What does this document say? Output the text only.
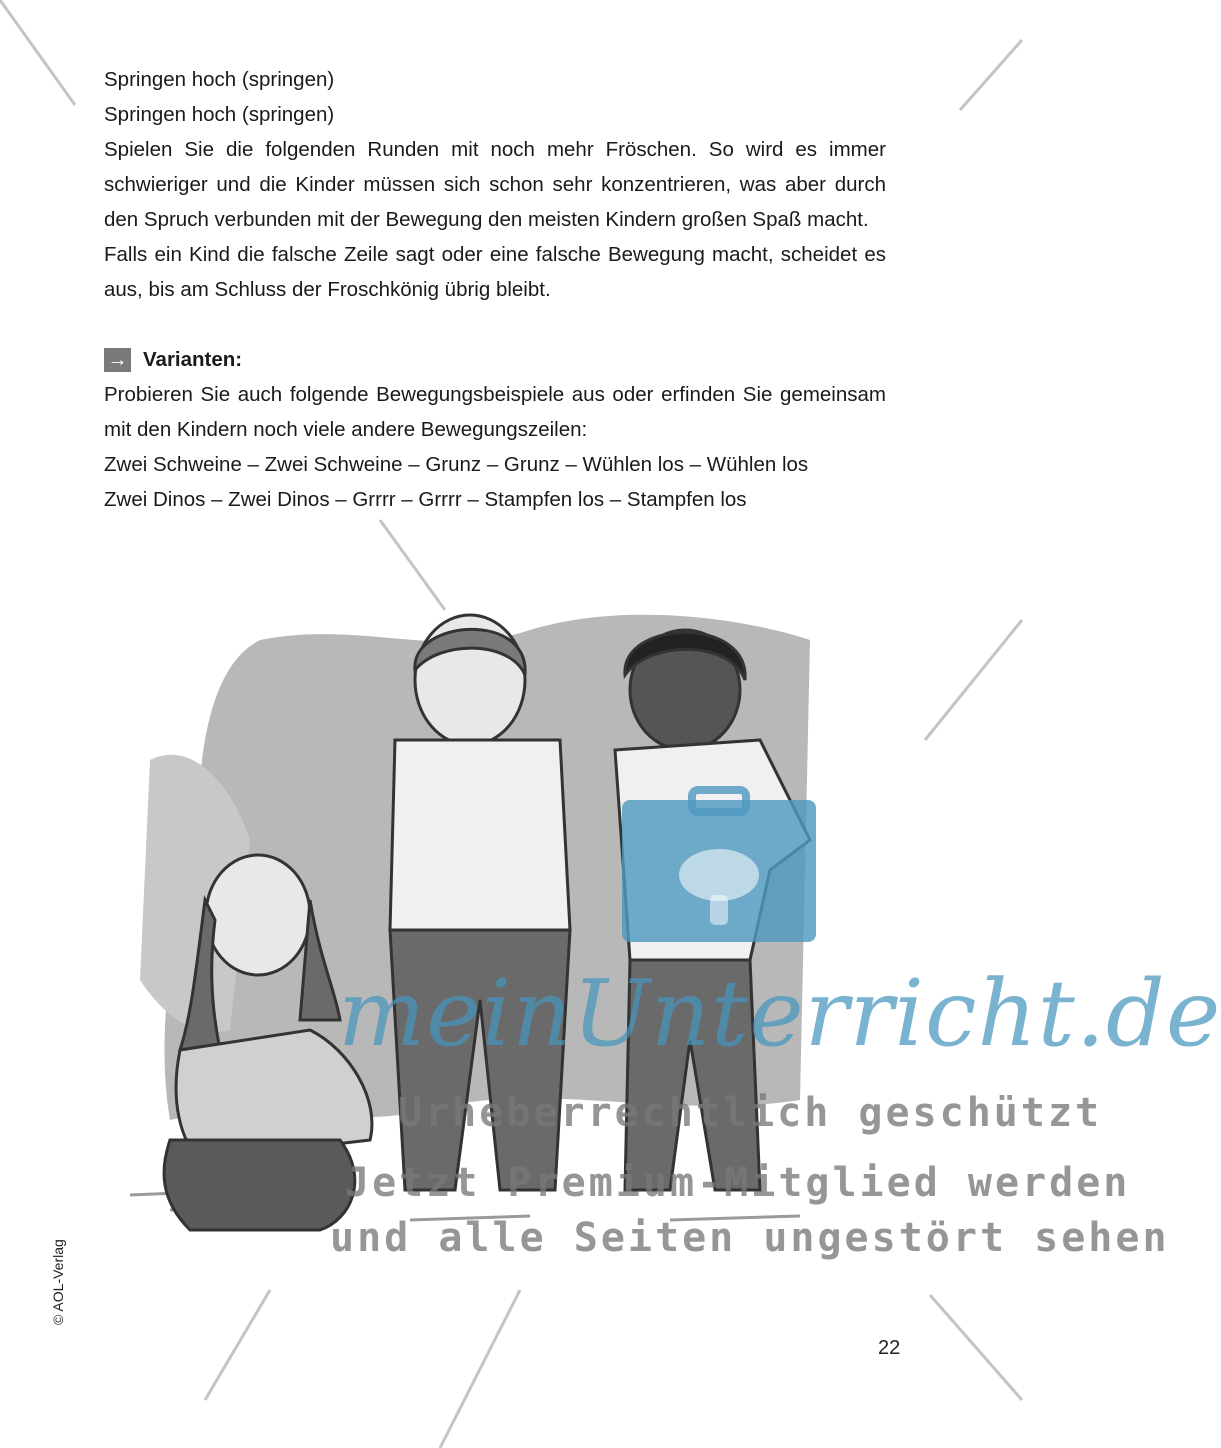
Springen hoch (springen)

Springen hoch (springen)

Spielen Sie die folgenden Runden mit noch mehr Fröschen. So wird es immer schwieriger und die Kinder müssen sich schon sehr konzentrieren, was aber durch den Spruch verbunden mit der Bewegung den meisten Kindern großen Spaß macht.

Falls ein Kind die falsche Zeile sagt oder eine falsche Bewegung macht, scheidet es aus, bis am Schluss der Froschkönig übrig bleibt.

→ Varianten:

Probieren Sie auch folgende Bewegungsbeispiele aus oder erfinden Sie gemeinsam mit den Kindern noch viele andere Bewegungszeilen:

Zwei Schweine – Zwei Schweine – Grunz – Grunz – Wühlen los – Wühlen los

Zwei Dinos – Zwei Dinos – Grrrr – Grrrr – Stampfen los – Stampfen los

meinUnterricht.de
Urheberrechtlich geschützt
Jetzt Premium-Mitglied werden
und alle Seiten ungestört sehen
© AOL-Verlag
22
